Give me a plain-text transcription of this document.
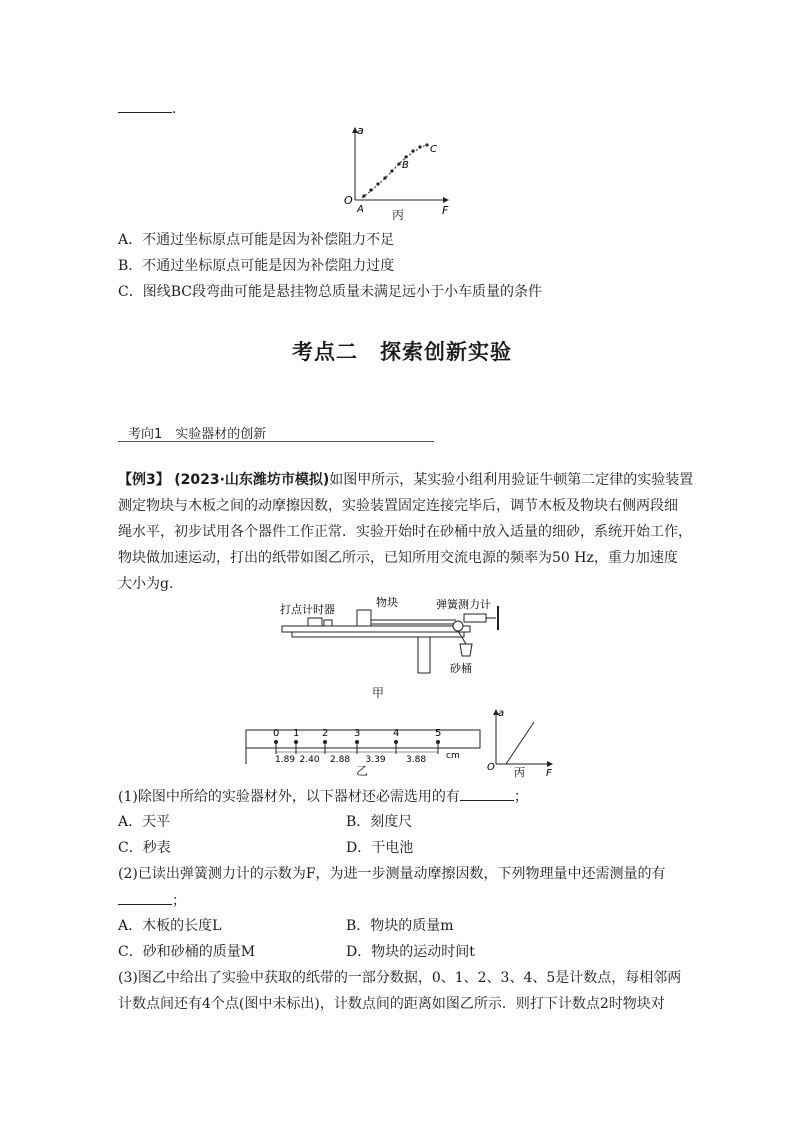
.
a
F
O
A
B
C
丙
A．不通过坐标原点可能是因为补偿阻力不足
B．不通过坐标原点可能是因为补偿阻力过度
C．图线BC段弯曲可能是悬挂物总质量未满足远小于小车质量的条件
考点二　探索创新实验
考向1　实验器材的创新
【例3】 (2023·山东潍坊市模拟)如图甲所示，某实验小组利用验证牛顿第二定律的实验装置
测定物块与木板之间的动摩擦因数，实验装置固定连接完毕后，调节木板及物块右侧两段细
绳水平，初步试用各个器件工作正常．实验开始时在砂桶中放入适量的细砂，系统开始工作，
物块做加速运动，打出的纸带如图乙所示，已知所用交流电源的频率为50 Hz，重力加速度
大小为g.
打点计时器
物块	弹簧测力计
砂桶
甲
0 1 2	3	4	5
1.89 2.40 2.88 3.39 3.88 cm
乙
a
F
O 丙
(1)除图中所给的实验器材外，以下器材还必需选用的有	；
A．天平	B．刻度尺
C．秒表	D．干电池
(2)已读出弹簧测力计的示数为F，为进一步测量动摩擦因数，下列物理量中还需测量的有
；
A．木板的长度L	B．物块的质量m
C．砂和砂桶的质量M	D．物块的运动时间t
(3)图乙中给出了实验中获取的纸带的一部分数据，0、1、2、3、4、5是计数点，每相邻两
计数点间还有4个点(图中未标出)，计数点间的距离如图乙所示．则打下计数点2时物块对
